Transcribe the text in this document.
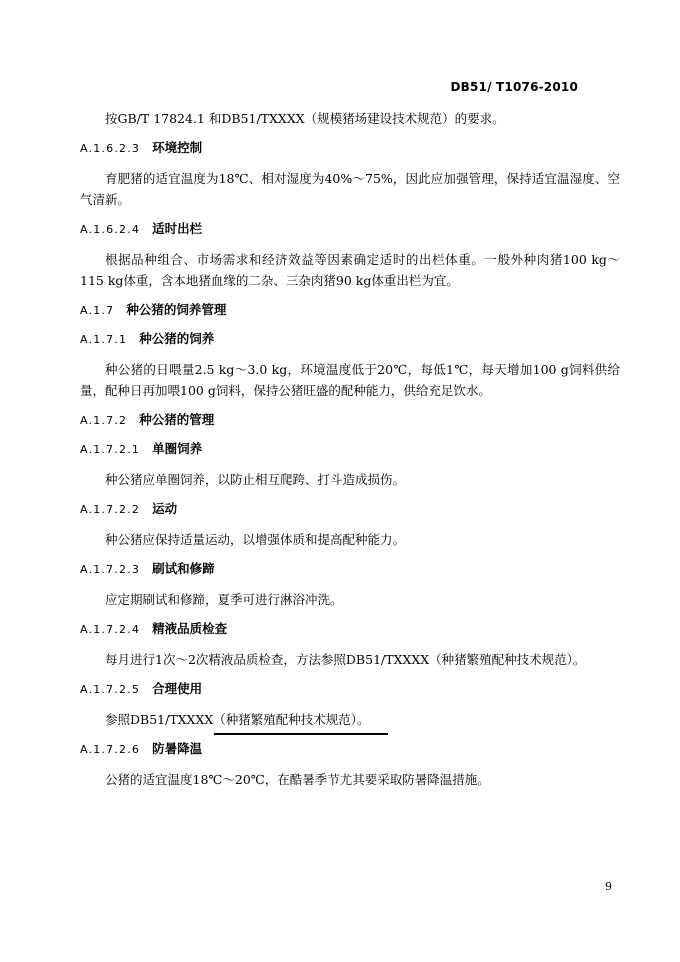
DB51/ T1076-2010

按GB/T 17824.1 和DB51/TXXXX（规模猪场建设技术规范）的要求。

A.1.6.2.3 环境控制

育肥猪的适宜温度为18℃、相对湿度为40%～75%，因此应加强管理，保持适宜温湿度、空气清新。

A.1.6.2.4 适时出栏

根据品种组合、市场需求和经济效益等因素确定适时的出栏体重。一般外种肉猪100 kg～115 kg体重，含本地猪血缘的二杂、三杂肉猪90 kg体重出栏为宜。

A.1.7 种公猪的饲养管理
A.1.7.1 种公猪的饲养

种公猪的日喂量2.5 kg～3.0 kg，环境温度低于20℃，每低1℃，每天增加100 g饲料供给量，配种日再加喂100 g饲料，保持公猪旺盛的配种能力，供给充足饮水。

A.1.7.2 种公猪的管理
A.1.7.2.1 单圈饲养

种公猪应单圈饲养，以防止相互爬跨、打斗造成损伤。

A.1.7.2.2 运动

种公猪应保持适量运动，以增强体质和提高配种能力。

A.1.7.2.3 刷试和修蹄

应定期刷试和修蹄，夏季可进行淋浴冲洗。

A.1.7.2.4 精液品质检查

每月进行1次～2次精液品质检查，方法参照DB51/TXXXX（种猪繁殖配种技术规范）。

A.1.7.2.5 合理使用

参照DB51/TXXXX（种猪繁殖配种技术规范）。

A.1.7.2.6 防暑降温

公猪的适宜温度18℃～20℃，在酷暑季节尤其要采取防暑降温措施。

9
